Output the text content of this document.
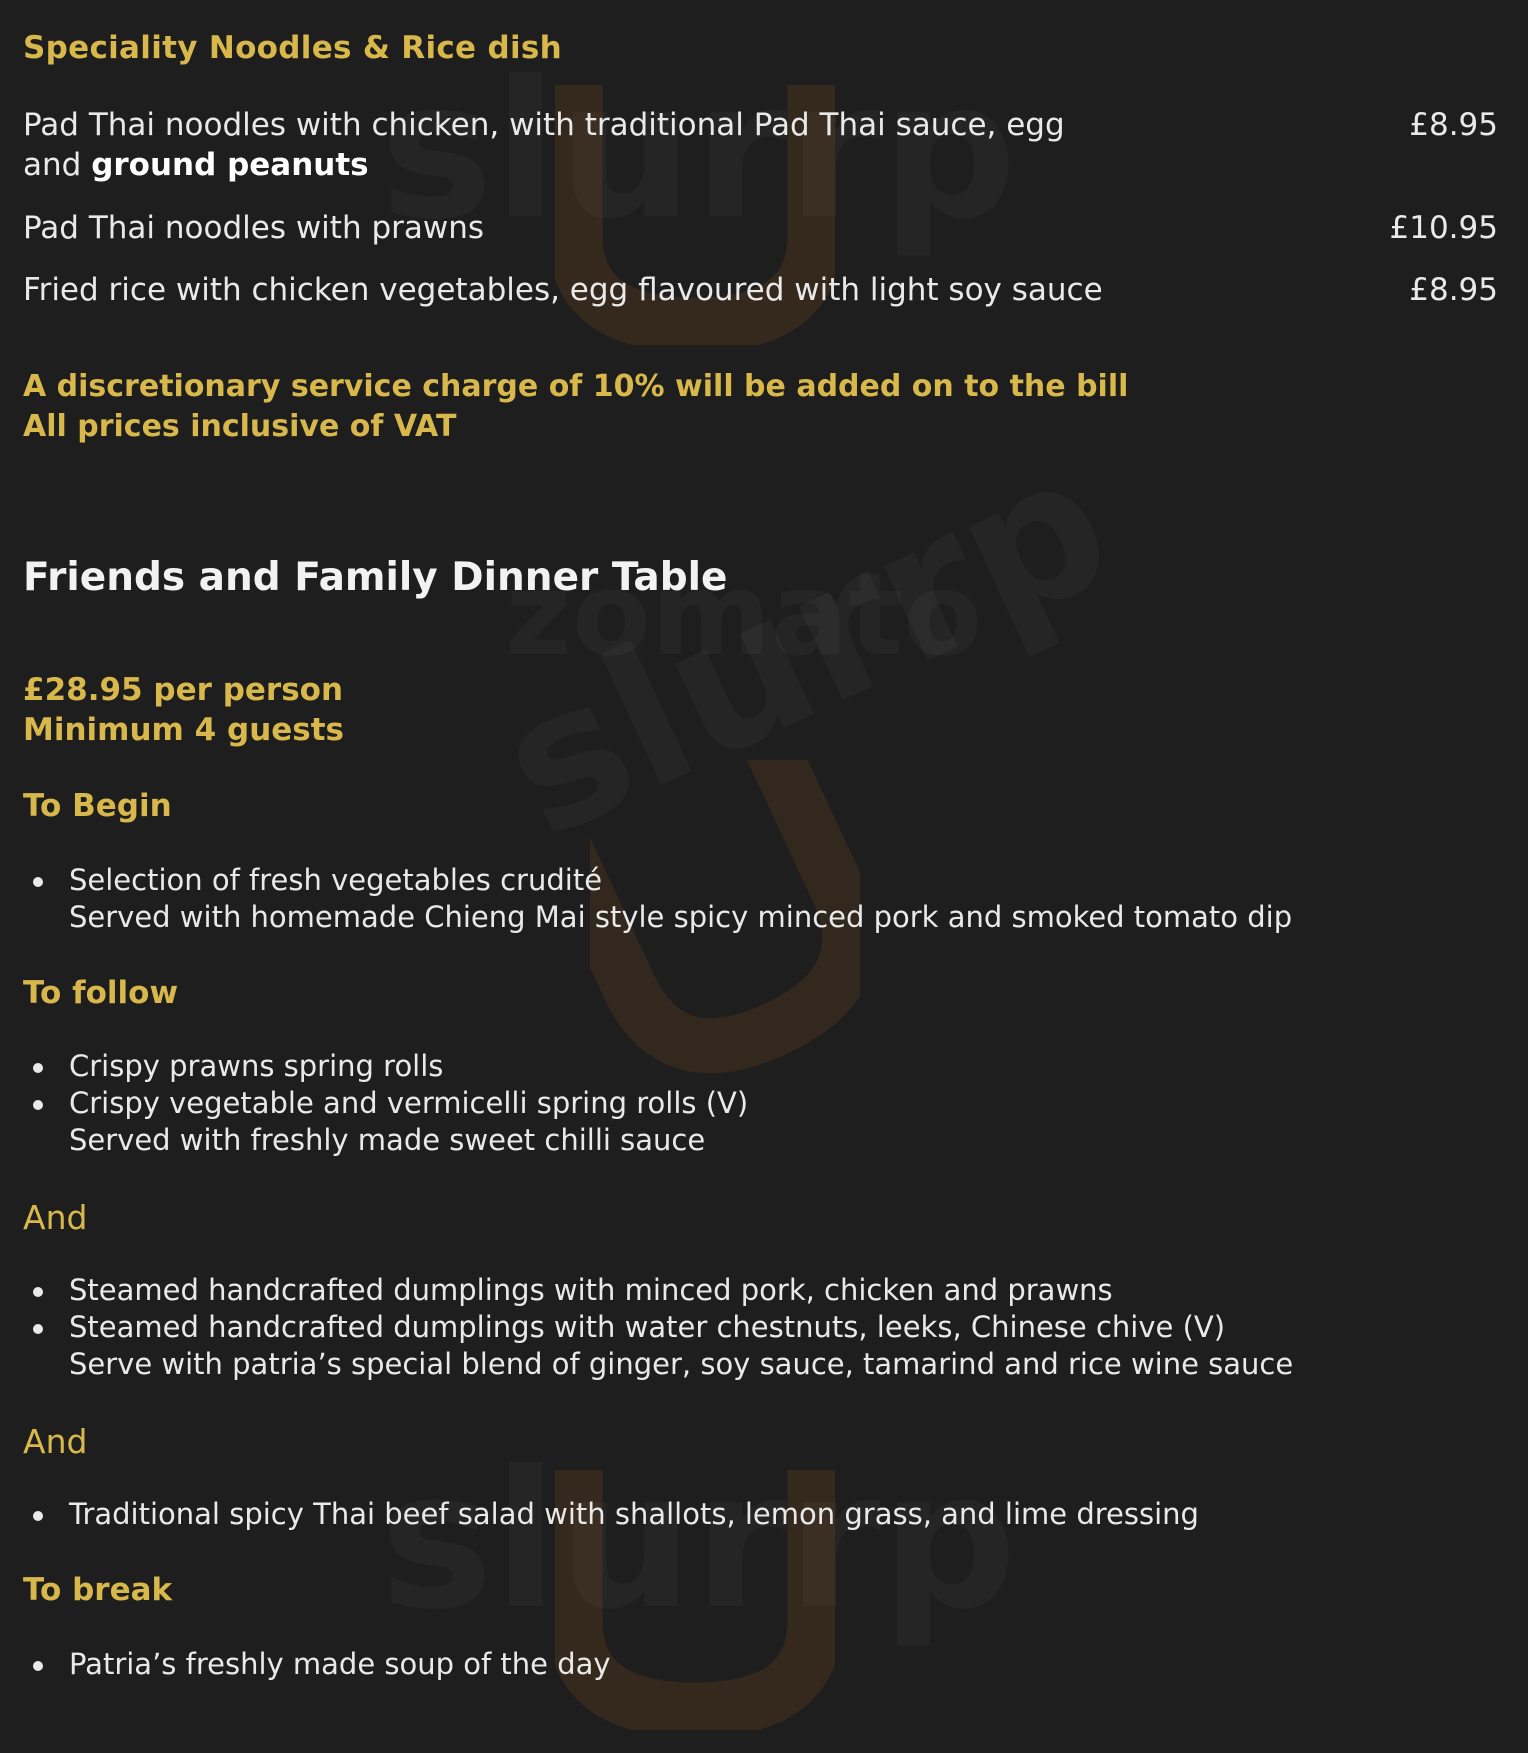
Speciality Noodles & Rice dish
Pad Thai noodles with chicken, with traditional Pad Thai sauce, egg
and ground peanuts
£8.95
Pad Thai noodles with prawns	£10.95
Fried rice with chicken vegetables, egg flavoured with light soy sauce	£8.95
A discretionary service charge of 10% will be added on to the bill
All prices inclusive of VAT
Friends and Family Dinner Table
£28.95 per person
Minimum 4 guests
To Begin
Selection of fresh vegetables crudité
Served with homemade Chieng Mai style spicy minced pork and smoked tomato dip
To follow
Crispy prawns spring rolls
Crispy vegetable and vermicelli spring rolls (V)
Served with freshly made sweet chilli sauce
And
Steamed handcrafted dumplings with minced pork, chicken and prawns
Steamed handcrafted dumplings with water chestnuts, leeks, Chinese chive (V)
Serve with patria’s special blend of ginger, soy sauce, tamarind and rice wine sauce
And
Traditional spicy Thai beef salad with shallots, lemon grass, and lime dressing
To break
Patria’s freshly made soup of the day
